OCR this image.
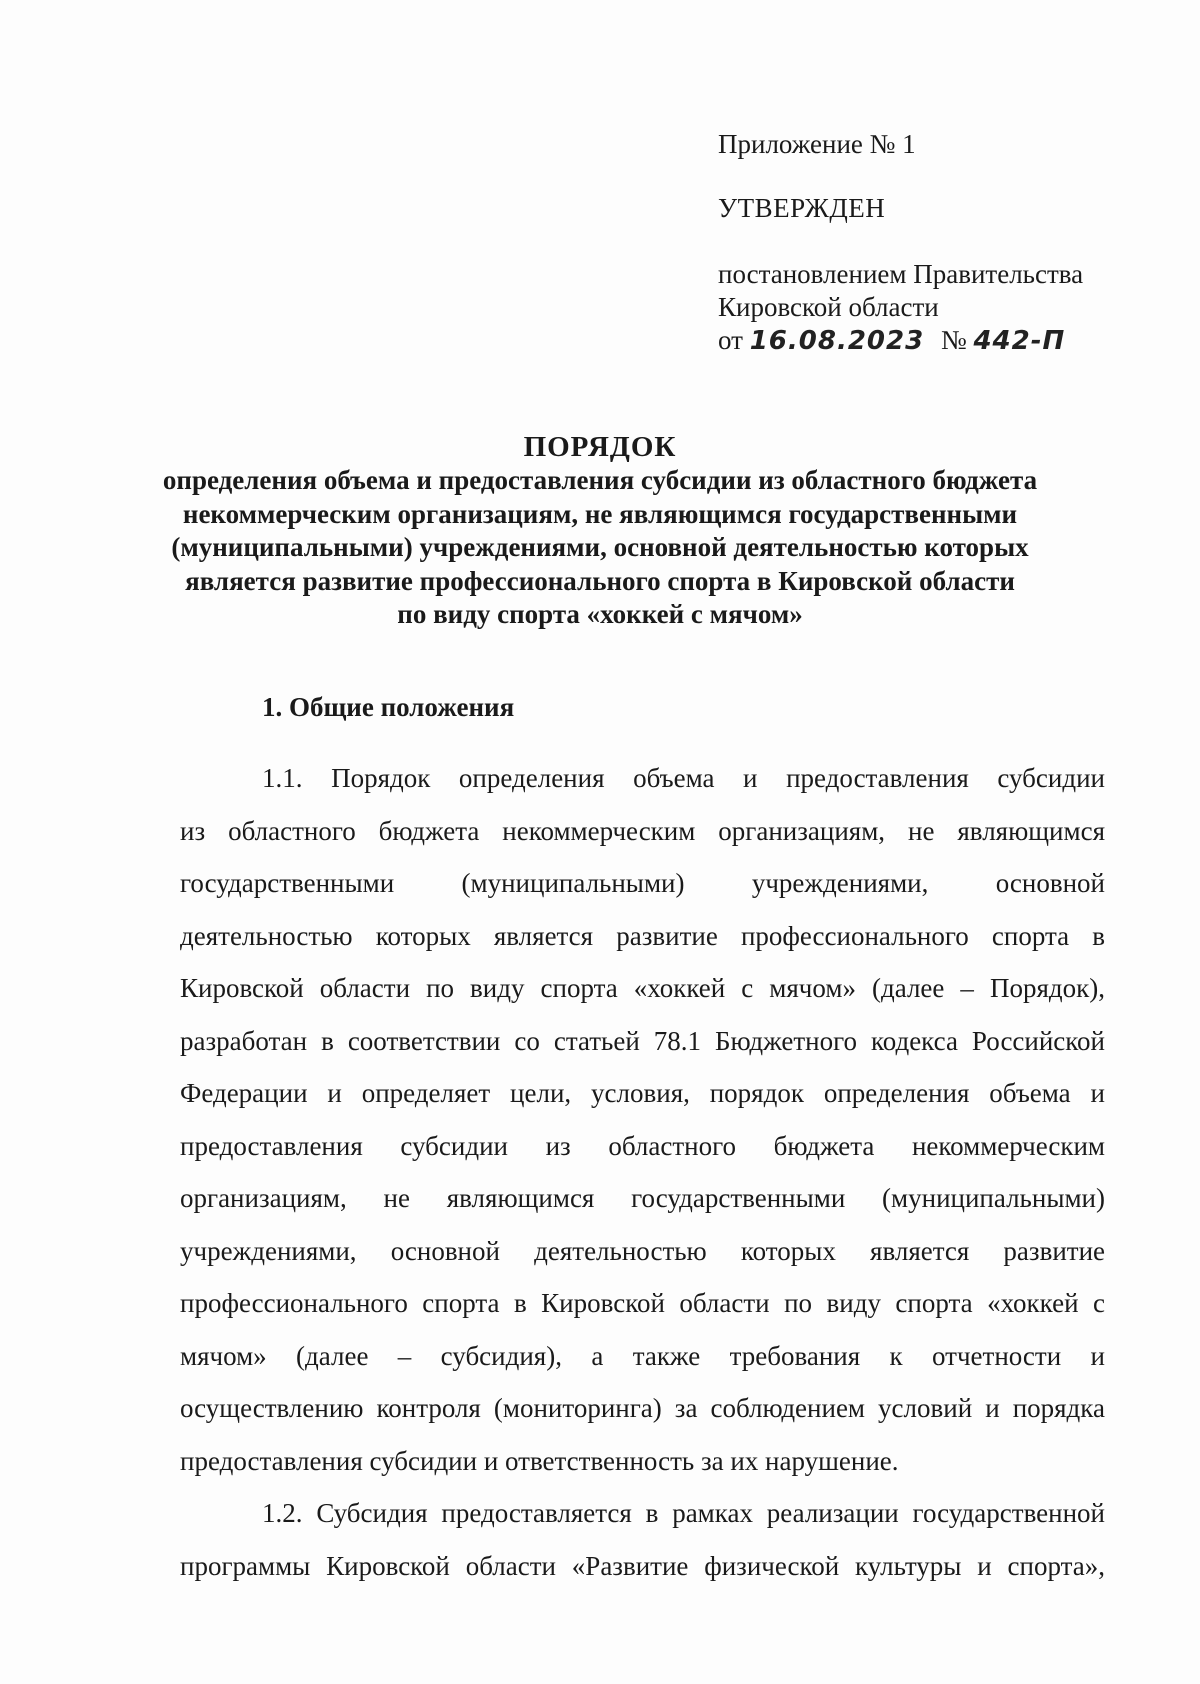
Приложение № 1
УТВЕРЖДЕН
постановлением Правительства
Кировской области
от 16.08.2023 № 442-П
ПОРЯДОК
определения объема и предоставления субсидии из областного бюджета
некоммерческим организациям, не являющимся государственными
(муниципальными) учреждениями, основной деятельностью которых
является развитие профессионального спорта в Кировской области
по виду спорта «хоккей с мячом»
1. Общие положения
1.1. Порядок определения объема и предоставления субсидии
из областного бюджета некоммерческим организациям, не являющимся
государственными (муниципальными) учреждениями, основной
деятельностью которых является развитие профессионального спорта в
Кировской области по виду спорта «хоккей с мячом» (далее – Порядок),
разработан в соответствии со статьей 78.1 Бюджетного кодекса Российской
Федерации и определяет цели, условия, порядок определения объема и
предоставления субсидии из областного бюджета некоммерческим
организациям, не являющимся государственными (муниципальными)
учреждениями, основной деятельностью которых является развитие
профессионального спорта в Кировской области по виду спорта «хоккей с
мячом» (далее – субсидия), а также требования к отчетности и
осуществлению контроля (мониторинга) за соблюдением условий и порядка
предоставления субсидии и ответственность за их нарушение.
1.2. Субсидия предоставляется в рамках реализации государственной
программы Кировской области «Развитие физической культуры и спорта»,
